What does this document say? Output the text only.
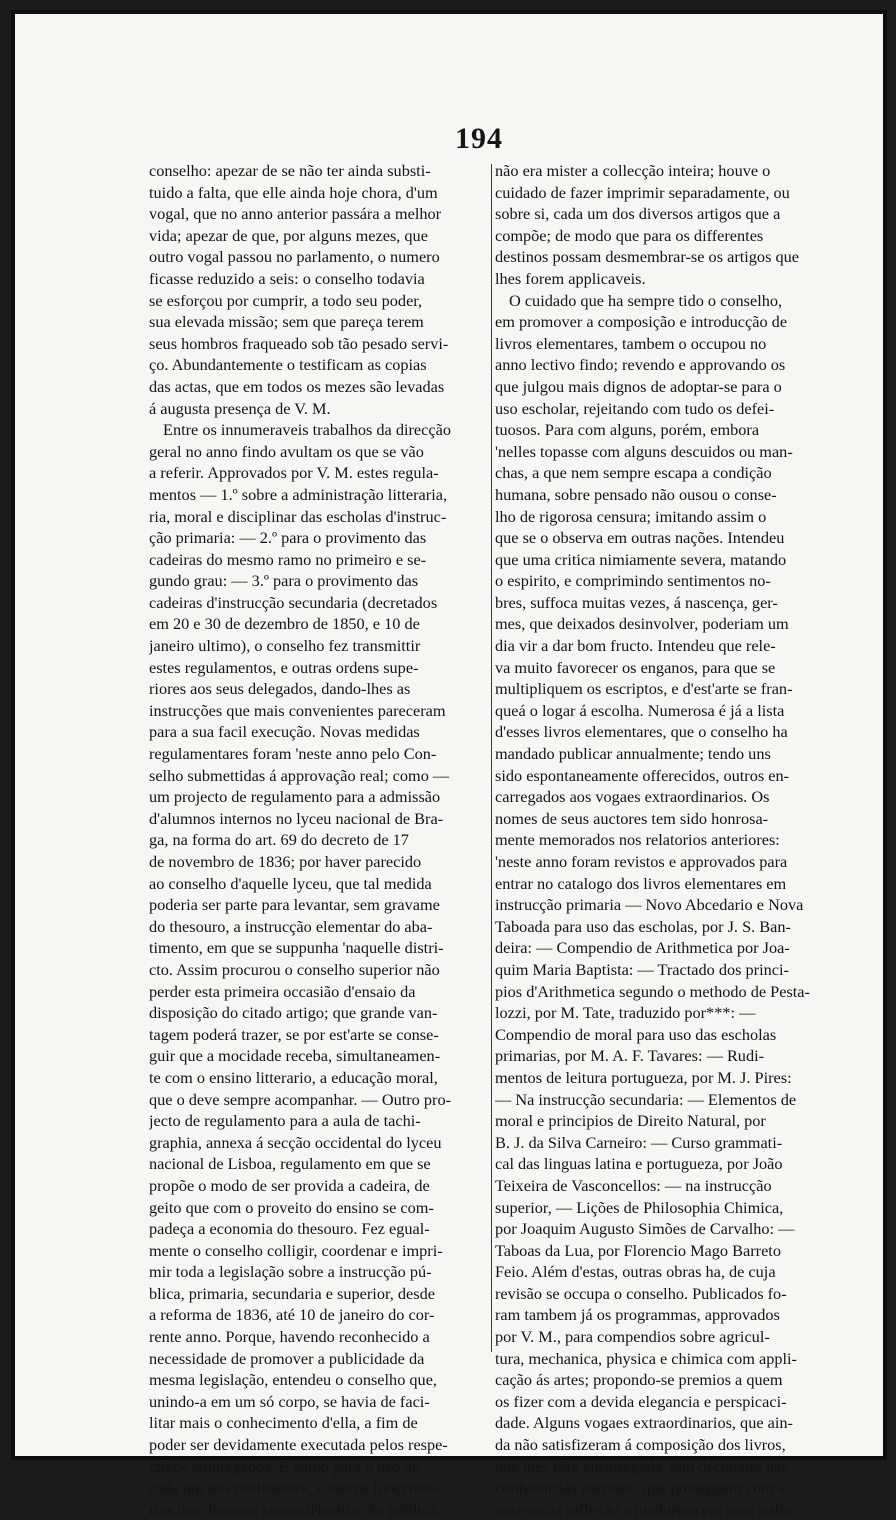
194
conselho: apezar de se não ter ainda substi-
tuido a falta, que elle ainda hoje chora, d'um
vogal, que no anno anterior passára a melhor
vida; apezar de que, por alguns mezes, que
outro vogal passou no parlamento, o numero
ficasse reduzido a seis: o conselho todavia
se esforçou por cumprir, a todo seu poder,
sua elevada missão; sem que pareça terem
seus hombros fraqueado sob tão pesado servi-
ço. Abundantemente o testificam as copias
das actas, que em todos os mezes são levadas
á augusta presença de V. M.
Entre os innumeraveis trabalhos da direcção
geral no anno findo avultam os que se vão
a referir. Approvados por V. M. estes regula-
mentos — 1.º sobre a administração litteraria,
ria, moral e disciplinar das escholas d'instruc-
ção primaria: — 2.º para o provimento das
cadeiras do mesmo ramo no primeiro e se-
gundo grau: — 3.º para o provimento das
cadeiras d'instrucção secundaria (decretados
em 20 e 30 de dezembro de 1850, e 10 de
janeiro ultimo), o conselho fez transmittir
estes regulamentos, e outras ordens supe-
riores aos seus delegados, dando-lhes as
instrucções que mais convenientes pareceram
para a sua facil execução. Novas medidas
regulamentares foram 'neste anno pelo Con-
selho submettidas á approvação real; como —
um projecto de regulamento para a admissão
d'alumnos internos no lyceu nacional de Bra-
ga, na forma do art. 69 do decreto de 17
de novembro de 1836; por haver parecido
ao conselho d'aquelle lyceu, que tal medida
poderia ser parte para levantar, sem gravame
do thesouro, a instrucção elementar do aba-
timento, em que se suppunha 'naquelle distri-
cto. Assim procurou o conselho superior não
perder esta primeira occasião d'ensaio da
disposição do citado artigo; que grande van-
tagem poderá trazer, se por est'arte se conse-
guir que a mocidade receba, simultaneamen-
te com o ensino litterario, a educação moral,
que o deve sempre acompanhar. — Outro pro-
jecto de regulamento para a aula de tachi-
graphia, annexa á secção occidental do lyceu
nacional de Lisboa, regulamento em que se
propõe o modo de ser provida a cadeira, de
geito que com o proveito do ensino se com-
padeça a economia do thesouro. Fez egual-
mente o conselho colligir, coordenar e impri-
mir toda a legislação sobre a instrucção pú-
blica, primaria, secundaria e superior, desde
a reforma de 1836, até 10 de janeiro do cor-
rente anno. Porque, havendo reconhecido a
necessidade de promover a publicidade da
mesma legislação, entendeu o conselho que,
unindo-a em um só corpo, se havia de faci-
litar mais o conhecimento d'ella, a fim de
poder ser devidamente executada pelos respe-
ctivos empregados. E como para o uso de
cada um dos professores, e outros funcciona-
rios dos diversos ramos d'instrucção pública,
não era mister a collecção inteira; houve o
cuidado de fazer imprimir separadamente, ou
sobre si, cada um dos diversos artigos que a
compõe; de modo que para os differentes
destinos possam desmembrar-se os artigos que
lhes forem applicaveis.
O cuidado que ha sempre tido o conselho,
em promover a composição e introducção de
livros elementares, tambem o occupou no
anno lectivo findo; revendo e approvando os
que julgou mais dignos de adoptar-se para o
uso escholar, rejeitando com tudo os defei-
tuosos. Para com alguns, porém, embora
'nelles topasse com alguns descuidos ou man-
chas, a que nem sempre escapa a condição
humana, sobre pensado não ousou o conse-
lho de rigorosa censura; imitando assim o
que se o observa em outras nações. Intendeu
que uma critica nimiamente severa, matando
o espirito, e comprimindo sentimentos no-
bres, suffoca muitas vezes, á nascença, ger-
mes, que deixados desinvolver, poderiam um
dia vir a dar bom fructo. Intendeu que rele-
va muito favorecer os enganos, para que se
multipliquem os escriptos, e d'est'arte se fran-
queá o logar á escolha. Numerosa é já a lista
d'esses livros elementares, que o conselho ha
mandado publicar annualmente; tendo uns
sido espontaneamente offerecidos, outros en-
carregados aos vogaes extraordinarios. Os
nomes de seus auctores tem sido honrosa-
mente memorados nos relatorios anteriores:
'neste anno foram revistos e approvados para
entrar no catalogo dos livros elementares em
instrucção primaria — Novo Abcedario e Nova
Taboada para uso das escholas, por J. S. Ban-
deira: — Compendio de Arithmetica por Joa-
quim Maria Baptista: — Tractado dos princi-
pios d'Arithmetica segundo o methodo de Pesta-
lozzi, por M. Tate, traduzido por***: —
Compendio de moral para uso das escholas
primarias, por M. A. F. Tavares: — Rudi-
mentos de leitura portugueza, por M. J. Pires:
— Na instrucção secundaria: — Elementos de
moral e principios de Direito Natural, por
B. J. da Silva Carneiro: — Curso grammati-
cal das linguas latina e portugueza, por João
Teixeira de Vasconcellos: — na instrucção
superior, — Lições de Philosophia Chimica,
por Joaquim Augusto Simões de Carvalho: —
Taboas da Lua, por Florencio Mago Barreto
Feio. Além d'estas, outras obras ha, de cuja
revisão se occupa o conselho. Publicados fo-
ram tambem já os programmas, approvados
por V. M., para compendios sobre agricul-
tura, mechanica, physica e chimica com appli-
cação ás artes; propondo-se premios a quem
os fizer com a devida elegancia e perspicaci-
dade. Alguns vogaes extraordinarios, que ain-
da não satisfizeram á composição dos livros,
que lhes fôra encarregada, têm declarado nas
conferencias parciaes, que proseguem com a
necessaria reflexão e madureza em suas traba-
